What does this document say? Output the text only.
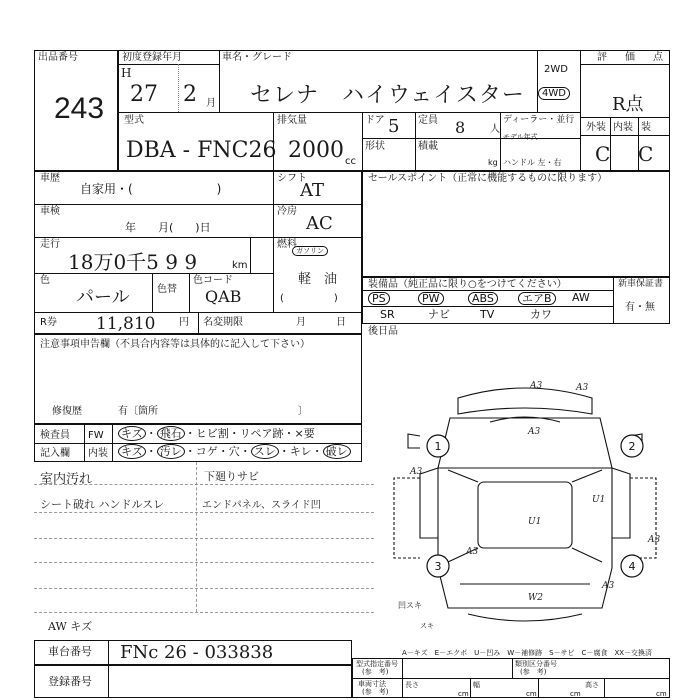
出品番号
243
初度登録年月
H
27 2 月
車名・グレード
セレナ　ハイウェイスター
2WD
4WD
評　価　点
R点
型式
DBA - FNC26
排気量
2000 cc
ドア 5 定員 8 人
ディーラー・並行
形状	積載
kg
モデル年式
ハンドル 左・右
外装 内装 装
C C
車歴
自家用・(　　　　　　　)
シフト
AT
車検
年　　月(　　)日
冷房
AC
走行
18万0千5 9 9	km
燃料
ガソリン
軽　油
(　　　　　)
色
パール	色替
色コード
QAB
R券 11,810 円 名変期限	月　　　日
セールスポイント（正常に機能するものに限ります）
装備品（純正品に限り○をつけてください）	新車保証書
有・無
後日品
注意事項申告欄（不具合内容等は具体的に記入して下さい）
修復歴	有〔箇所　　　　　　　　　　　　　　〕
検査員 FW キズ ・ 飛石 ・ヒビ割・リペア跡・×要
記入欄 内装 キズ ・ 汚レ ・コゲ・穴・ スレ ・キレ・ 破レ
室内汚れ	下廻りサビ
シート破れ ハンドルスレ	エンドパネル、スライド凹
1	2
3	4
A3	A3
A3
A3
U1
U1
A3
A3
W2
A3
凹スキ
スキ
A－キズ　E－エクボ　U－凹み　W－補修跡　S－サビ　C－腐食　XX－交換済
AW キズ
車台番号 FNc 26 - 033838
登録番号
型式指定番号
(参　考)
類別区分番号
(参　考)
車両寸法
(参　考)
長さ
cm
幅
cm
高さ
cm	cm
PS	PW	ABS	エアB	AW
SR	ナビ	TV	カワ
